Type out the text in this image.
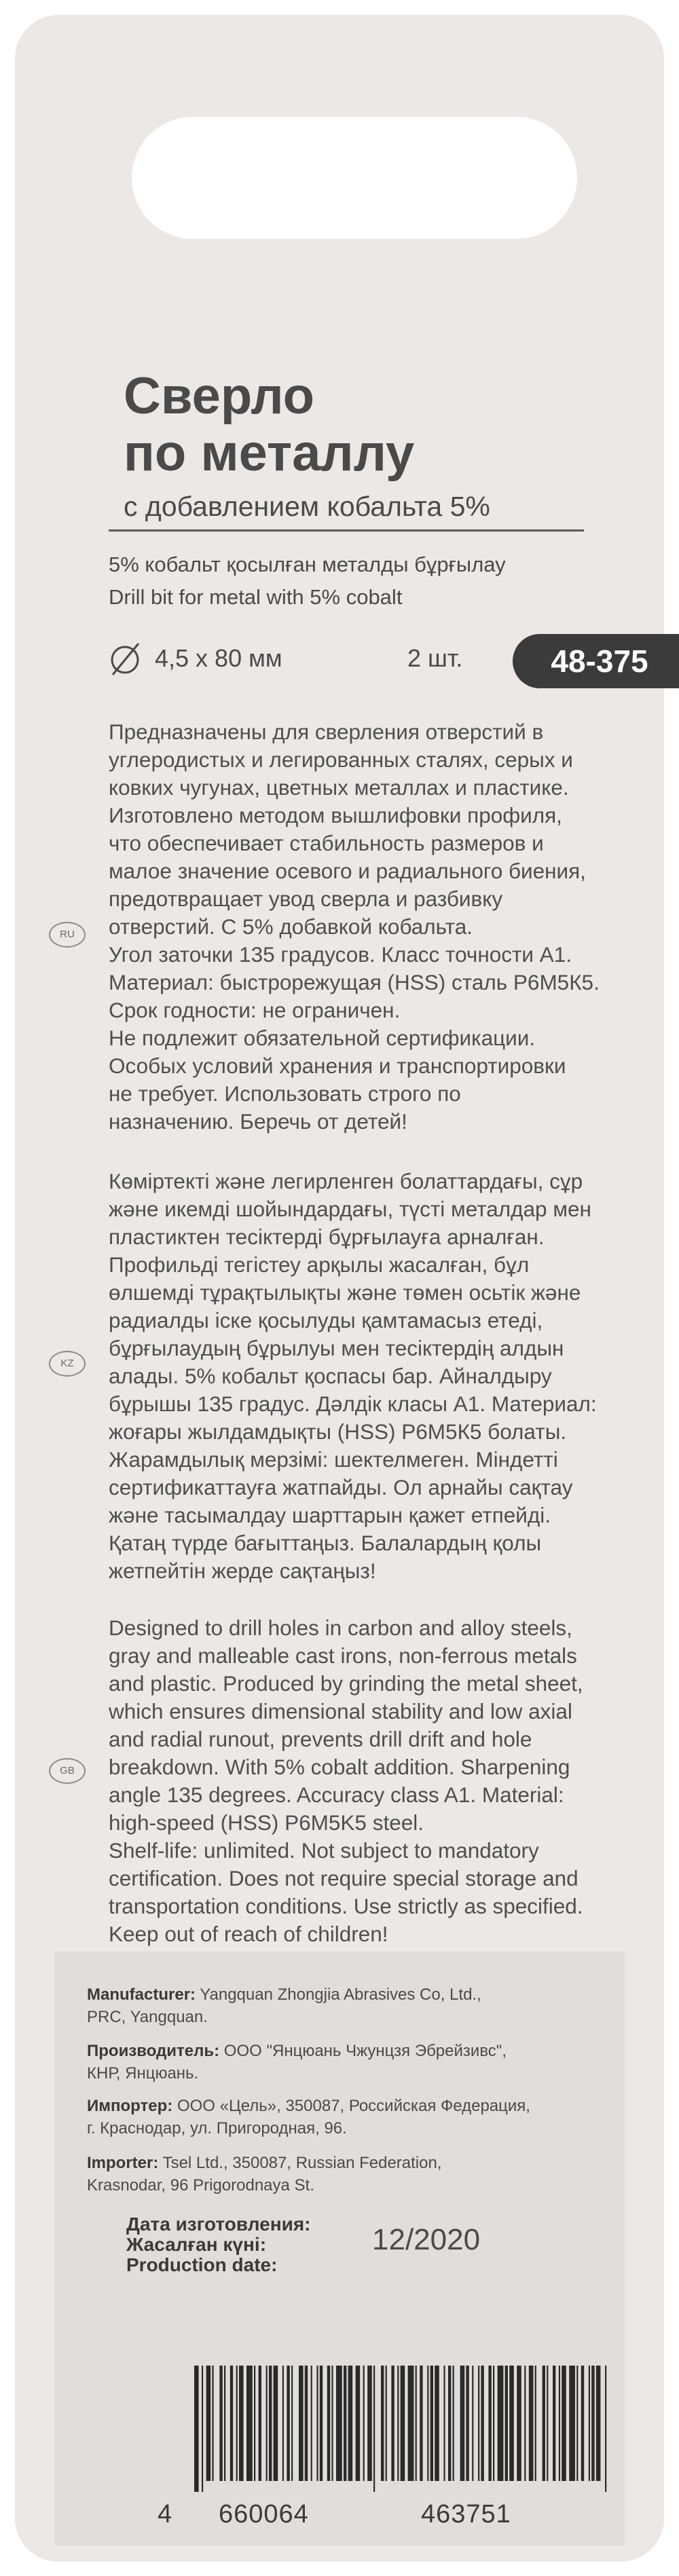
Сверло
по металлу
с добавлением кобальта 5%
5% кобальт қосылған металды бұрғылау
Drill bit for metal with 5% cobalt
4,5 х 80 мм	2 шт.	48-375
RU

Предназначены для сверления отверстий в

углеродистых и легированных сталях, серых и

ковких чугунах, цветных металлах и пластике.

Изготовлено методом вышлифовки профиля,

что обеспечивает стабильность размеров и

малое значение осевого и радиального биения,

предотвращает увод сверла и разбивку

отверстий. С 5% добавкой кобальта.

Угол заточки 135 градусов. Класс точности А1.

Материал: быстрорежущая (HSS) сталь Р6М5К5.

Срок годности: не ограничен.

Не подлежит обязательной сертификации.

Особых условий хранения и транспортировки

не требует. Использовать строго по

назначению. Беречь от детей!

KZ

Көміртекті және легирленген болаттардағы, сұр

және икемді шойындардағы, түсті металдар мен

пластиктен тесіктерді бұрғылауға арналған.

Профильді тегістеу арқылы жасалған, бұл

өлшемді тұрақтылықты және төмен осьтік және

радиалды іске қосылуды қамтамасыз етеді,

бұрғылаудың бұрылуы мен тесіктердің алдын

алады. 5% кобальт қоспасы бар. Айналдыру

бұрышы 135 градус. Дәлдік класы А1. Материал:

жоғары жылдамдықты (HSS) Р6М5К5 болаты.

Жарамдылық мерзімі: шектелмеген. Міндетті

сертификаттауға жатпайды. Ол арнайы сақтау

және тасымалдау шарттарын қажет етпейді.

Қатаң түрде бағыттаңыз. Балалардың қолы

жетпейтін жерде сақтаңыз!

GB

Designed to drill holes in carbon and alloy steels,

gray and malleable cast irons, non-ferrous metals

and plastic. Produced by grinding the metal sheet,

which ensures dimensional stability and low axial

and radial runout, prevents drill drift and hole

breakdown. With 5% cobalt addition. Sharpening

angle 135 degrees. Accuracy class A1. Material:

high-speed (HSS) P6M5K5 steel.

Shelf-life: unlimited. Not subject to mandatory

certification. Does not require special storage and

transportation conditions. Use strictly as specified.

Keep out of reach of children!

Manufacturer: Yangquan Zhongjia Abrasives Co, Ltd.,

PRC, Yangquan.

Производитель: ООО "Янцюань Чжунцзя Эбрейзивс",

КНР, Янцюань.

Импортер: ООО «Цель», 350087, Российская Федерация,

г. Краснодар, ул. Пригородная, 96.

Importer: Tsel Ltd., 350087, Russian Federation,

Krasnodar, 96 Prigorodnaya St.

Дата изготовления:
Жасалған күні:
Production date:
12/2020
4 660064	463751
